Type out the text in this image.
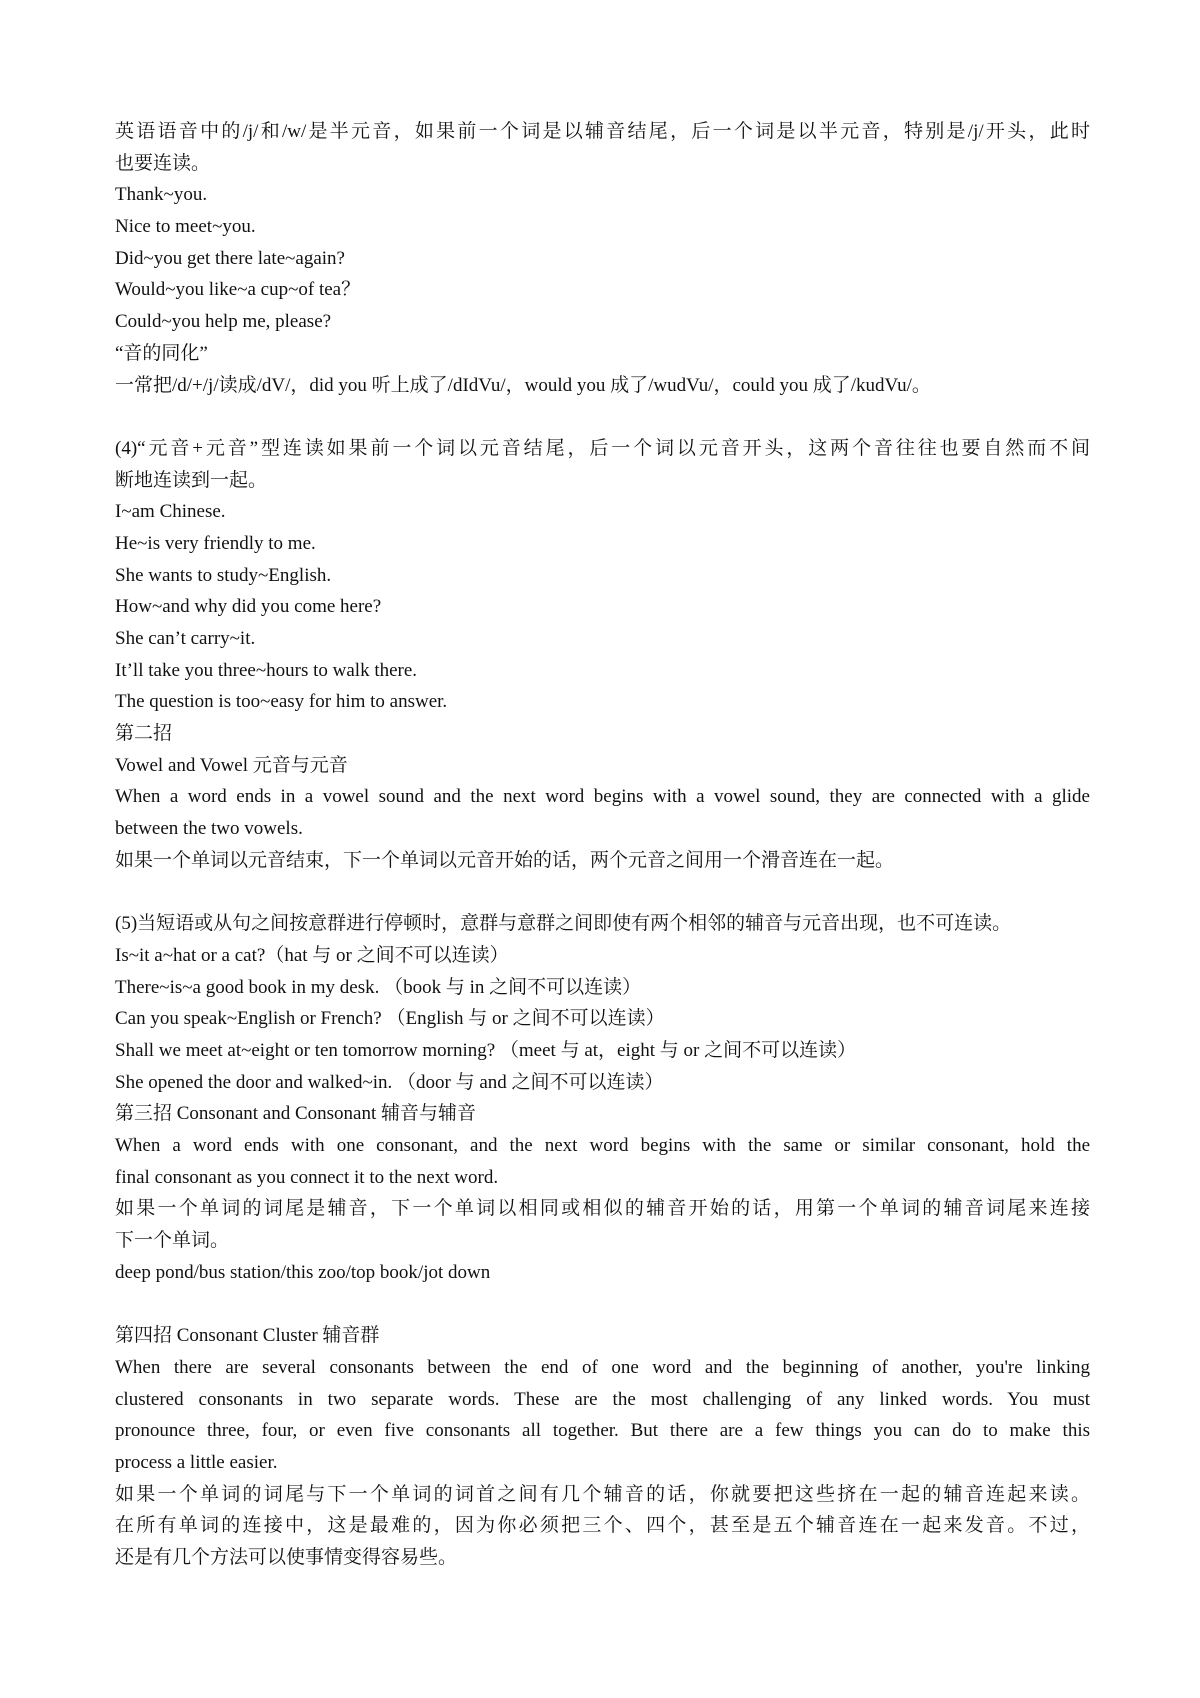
英语语音中的/j/和/w/是半元音，如果前一个词是以辅音结尾，后一个词是以半元音，特别是/j/开头，此时
也要连读。
Thank~you.
Nice to meet~you.
Did~you get there late~again?
Would~you like~a cup~of tea？
Could~you help me, please?
“音的同化”
一常把/d/+/j/读成/dV/，did you 听上成了/dIdVu/，would you 成了/wudVu/，could you 成了/kudVu/。
(4)“元音+元音”型连读如果前一个词以元音结尾，后一个词以元音开头，这两个音往往也要自然而不间
断地连读到一起。
I~am Chinese.
He~is very friendly to me.
She wants to study~English.
How~and why did you come here?
She can’t carry~it.
It’ll take you three~hours to walk there.
The question is too~easy for him to answer.
第二招
Vowel and Vowel 元音与元音
When a word ends in a vowel sound and the next word begins with a vowel sound, they are connected with a glide
between the two vowels.
如果一个单词以元音结束，下一个单词以元音开始的话，两个元音之间用一个滑音连在一起。
(5)当短语或从句之间按意群进行停顿时，意群与意群之间即使有两个相邻的辅音与元音出现，也不可连读。
Is~it a~hat or a cat?（hat 与 or 之间不可以连读）
There~is~a good book in my desk. （book 与 in 之间不可以连读）
Can you speak~English or French? （English 与 or 之间不可以连读）
Shall we meet at~eight or ten tomorrow morning? （meet 与 at，eight 与 or 之间不可以连读）
She opened the door and walked~in. （door 与 and 之间不可以连读）
第三招 Consonant and Consonant 辅音与辅音
When a word ends with one consonant, and the next word begins with the same or similar consonant, hold the
final consonant as you connect it to the next word.
如果一个单词的词尾是辅音，下一个单词以相同或相似的辅音开始的话，用第一个单词的辅音词尾来连接
下一个单词。
deep pond/bus station/this zoo/top book/jot down
第四招 Consonant Cluster 辅音群
When there are several consonants between the end of one word and the beginning of another, you're linking
clustered consonants in two separate words. These are the most challenging of any linked words. You must
pronounce three, four, or even five consonants all together. But there are a few things you can do to make this
process a little easier.
如果一个单词的词尾与下一个单词的词首之间有几个辅音的话，你就要把这些挤在一起的辅音连起来读。
在所有单词的连接中，这是最难的，因为你必须把三个、四个，甚至是五个辅音连在一起来发音。不过，
还是有几个方法可以使事情变得容易些。
